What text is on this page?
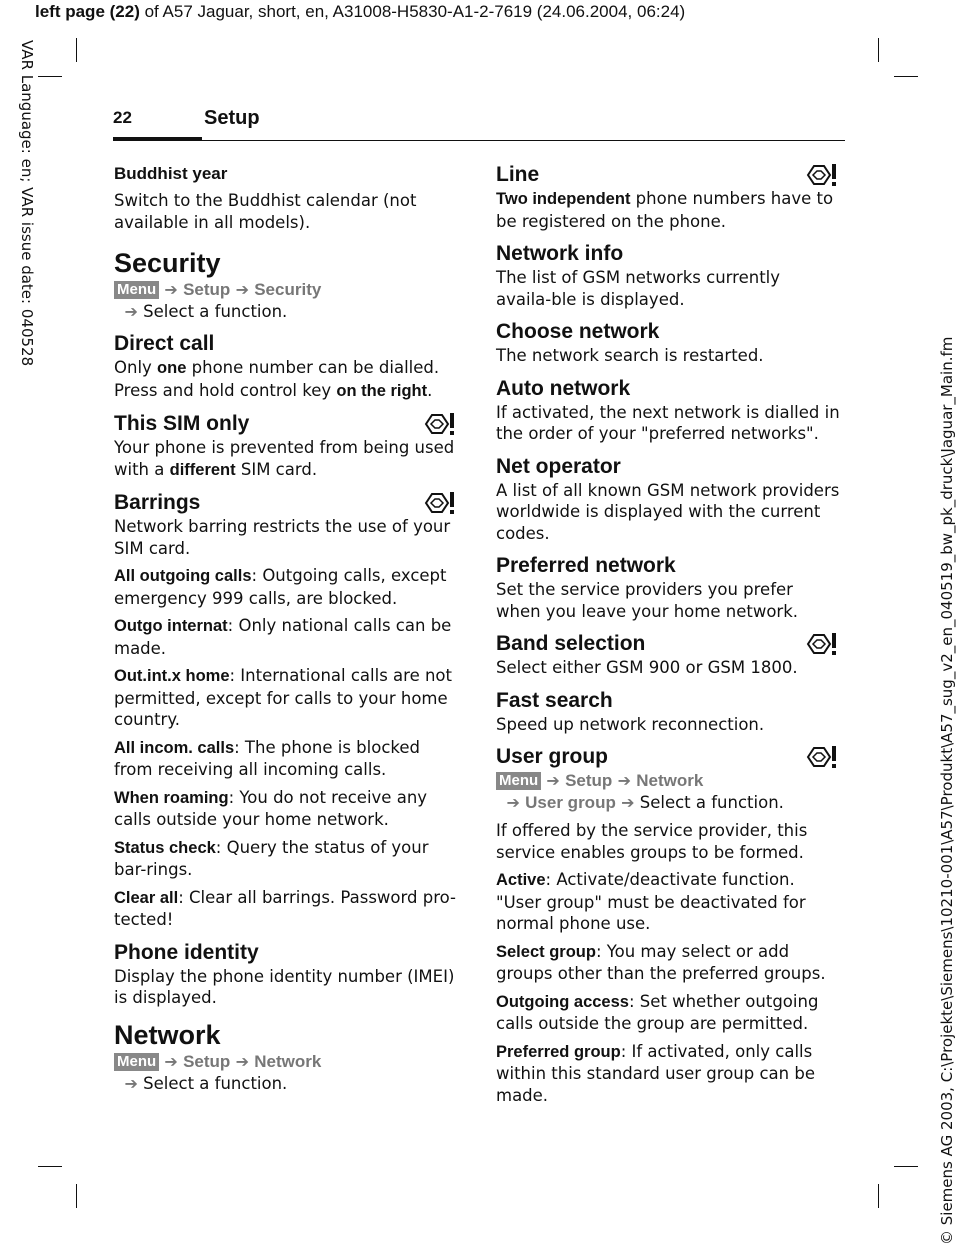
left page (22) of A57 Jaguar, short, en, A31008-H5830-A1-2-7619 (24.06.2004, 06:24)
VAR Language: en; VAR issue date: 040528
© Siemens AG 2003, C:\Projekte\Siemens\10210-001\A57\Produkt\A57_sug_v2_en_040519_bw_pk_druck\Jaguar_Main.fm
22	Setup
Buddhist year

Switch to the Buddhist calendar (not available in all models).

Security
Menu ➔ Setup ➔ Security
➔ Select a function.
Direct call

Only one phone number can be dialled. Press and hold control key on the right.

This SIM only

Your phone is prevented from being used with a different SIM card.

Barrings

Network barring restricts the use of your SIM card.

All outgoing calls: Outgoing calls, except emergency 999 calls, are blocked.

Outgo internat: Only national calls can be made.

Out.int.x home: International calls are not permitted, except for calls to your home country.

All incom. calls: The phone is blocked from receiving all incoming calls.

When roaming: You do not receive any calls outside your home network.

Status check: Query the status of your bar-rings.

Clear all: Clear all barrings. Password pro-tected!

Phone identity

Display the phone identity number (IMEI) is displayed.

Network
Menu ➔ Setup ➔ Network
➔ Select a function.
Line

Two independent phone numbers have to be registered on the phone.

Network info

The list of GSM networks currently availa-ble is displayed.

Choose network

The network search is restarted.

Auto network

If activated, the next network is dialled in the order of your "preferred networks".

Net operator

A list of all known GSM network providers worldwide is displayed with the current codes.

Preferred network

Set the service providers you prefer when you leave your home network.

Band selection

Select either GSM 900 or GSM 1800.

Fast search

Speed up network reconnection.

User group
Menu ➔ Setup ➔ Network
➔ User group ➔ Select a function.

If offered by the service provider, this service enables groups to be formed.

Active: Activate/deactivate function. "User group" must be deactivated for normal phone use.

Select group: You may select or add groups other than the preferred groups.

Outgoing access: Set whether outgoing calls outside the group are permitted.

Preferred group: If activated, only calls within this standard user group can be made.
